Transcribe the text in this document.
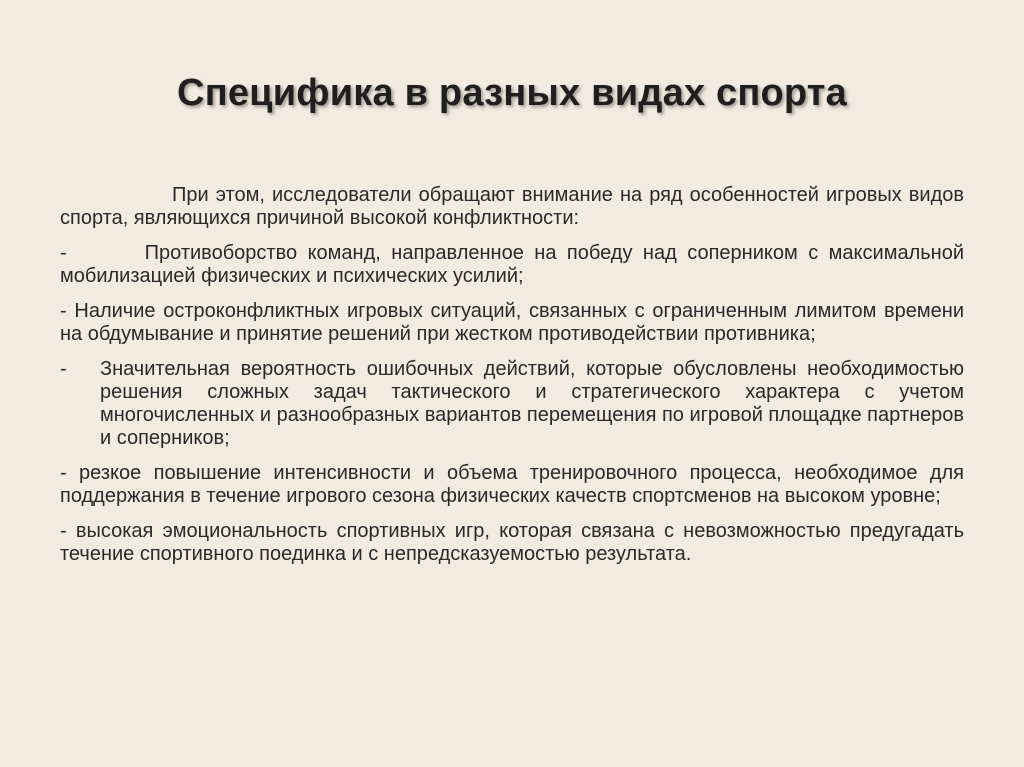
Специфика в разных видах спорта

При этом, исследователи обращают внимание на ряд особенностей игровых видов спорта, являющихся причиной высокой конфликтности:

-	Противоборство команд, направленное на победу над соперником с максимальной мобилизацией физических и психических усилий;

- Наличие остроконфликтных игровых ситуаций, связанных с ограниченным лимитом времени на обдумывание и принятие решений при жестком противодействии противника;

-	Значительная вероятность ошибочных действий, которые обусловлены необходимостью решения сложных задач тактического и стратегического характера с учетом многочисленных и разнообразных вариантов перемещения по игровой площадке партнеров и соперников;

- резкое повышение интенсивности и объема тренировочного процесса, необходимое для поддержания в течение игрового сезона физических качеств спортсменов на высоком уровне;

- высокая эмоциональность спортивных игр, которая связана с невозможностью предугадать течение спортивного поединка и с непредсказуемостью результата.
